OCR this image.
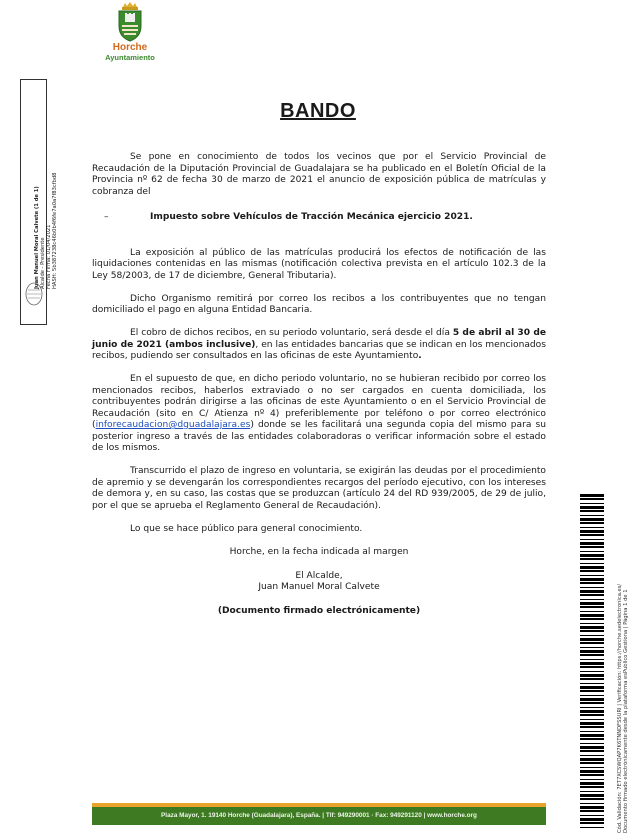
Horche
Ayuntamiento
Juan Manuel Moral Calvete (1 de 1) Alcalde - Presidente Fecha Firma: 01/04/2021 HASH: 5b387238c46b0b4f6fe7a0a7f83cfbd8
BANDO

Se pone en conocimiento de todos los vecinos que por el Servicio Provincial de Recaudación de la Diputación Provincial de Guadalajara se ha publicado en el Boletín Oficial de la Provincia nº 62 de fecha 30 de marzo de 2021 el anuncio de exposición pública de matrículas y cobranza del

–	Impuesto sobre Vehículos de Tracción Mecánica ejercicio 2021.

La exposición al público de las matrículas producirá los efectos de notificación de las liquidaciones contenidas en las mismas (notificación colectiva prevista en el artículo 102.3 de la Ley 58/2003, de 17 de diciembre, General Tributaria).

Dicho Organismo remitirá por correo los recibos a los contribuyentes que no tengan domiciliado el pago en alguna Entidad Bancaria.

El cobro de dichos recibos, en su periodo voluntario, será desde el día 5 de abril al 30 de junio de 2021 (ambos inclusive), en las entidades bancarias que se indican en los mencionados recibos, pudiendo ser consultados en las oficinas de este Ayuntamiento.

En el supuesto de que, en dicho periodo voluntario, no se hubieran recibido por correo los mencionados recibos, haberlos extraviado o no ser cargados en cuenta domiciliada, los contribuyentes podrán dirigirse a las oficinas de este Ayuntamiento o en el Servicio Provincial de Recaudación (sito en C/ Atienza nº 4) preferiblemente por teléfono o por correo electrónico (inforecaudacion@dguadalajara.es) donde se les facilitará una segunda copia del mismo para su posterior ingreso a través de las entidades colaboradoras o verificar información sobre el estado de los mismos.

Transcurrido el plazo de ingreso en voluntaria, se exigirán las deudas por el procedimiento de apremio y se devengarán los correspondientes recargos del período ejecutivo, con los intereses de demora y, en su caso, las costas que se produzcan (artículo 24 del RD 939/2005, de 29 de julio, por el que se aprueba el Reglamento General de Recaudación).

Lo que se hace público para general conocimiento.

Horche, en la fecha indicada al margen

El Alcalde,

Juan Manuel Moral Calvete

(Documento firmado electrónicamente)	Cód. Validación: 7ET7XCSWQAP7K6TNNDFSSURI | Verificación: https://horche.sedelectronica.es/ Documento firmado electrónicamente desde la plataforma esPublico Gestiona | Página 1 de 1
Plaza Mayor, 1. 19140 Horche (Guadalajara), España. | Tlf: 949290001 · Fax: 949291120 | www.horche.org
